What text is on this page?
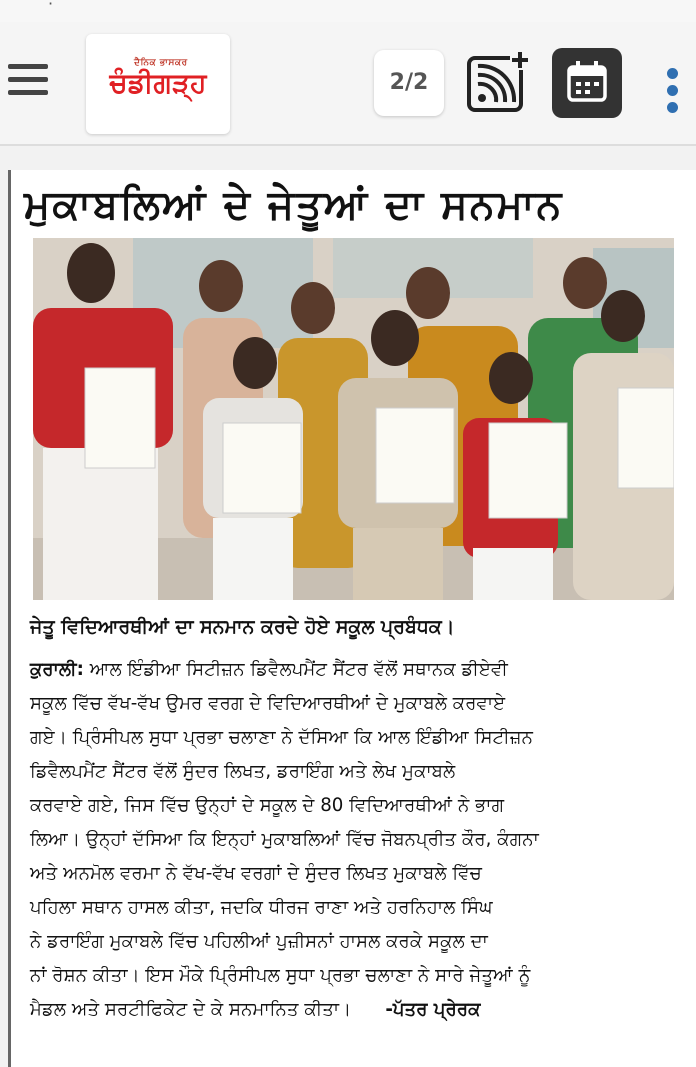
·
ਦੈਨਿਕ ਭਾਸਕਰ
ਚੰਡੀਗੜ੍ਹ	2/2
ਮੁਕਾਬਲਿਆਂ ਦੇ ਜੇਤੂਆਂ ਦਾ ਸਨਮਾਨ
ਜੇਤੂ ਵਿਦਿਆਰਥੀਆਂ ਦਾ ਸਨਮਾਨ ਕਰਦੇ ਹੋਏ ਸਕੂਲ ਪ੍ਰਬੰਧਕ।
ਕੁਰਾਲੀ: ਆਲ ਇੰਡੀਆ ਸਿਟੀਜ਼ਨ ਡਿਵੈਲਪਮੈਂਟ ਸੈਂਟਰ ਵੱਲੋਂ ਸਥਾਨਕ ਡੀਏਵੀ
ਸਕੂਲ ਵਿੱਚ ਵੱਖ-ਵੱਖ ਉਮਰ ਵਰਗ ਦੇ ਵਿਦਿਆਰਥੀਆਂ ਦੇ ਮੁਕਾਬਲੇ ਕਰਵਾਏ
ਗਏ। ਪ੍ਰਿੰਸੀਪਲ ਸੁਧਾ ਪ੍ਰਭਾ ਚਲਾਣਾ ਨੇ ਦੱਸਿਆ ਕਿ ਆਲ ਇੰਡੀਆ ਸਿਟੀਜ਼ਨ
ਡਿਵੈਲਪਮੈਂਟ ਸੈਂਟਰ ਵੱਲੋਂ ਸੁੰਦਰ ਲਿਖਤ, ਡਰਾਇੰਗ ਅਤੇ ਲੇਖ ਮੁਕਾਬਲੇ
ਕਰਵਾਏ ਗਏ, ਜਿਸ ਵਿੱਚ ਉਨ੍ਹਾਂ ਦੇ ਸਕੂਲ ਦੇ 80 ਵਿਦਿਆਰਥੀਆਂ ਨੇ ਭਾਗ
ਲਿਆ। ਉਨ੍ਹਾਂ ਦੱਸਿਆ ਕਿ ਇਨ੍ਹਾਂ ਮੁਕਾਬਲਿਆਂ ਵਿੱਚ ਜੋਬਨਪ੍ਰੀਤ ਕੌਰ, ਕੰਗਨਾ
ਅਤੇ ਅਨਮੋਲ ਵਰਮਾ ਨੇ ਵੱਖ-ਵੱਖ ਵਰਗਾਂ ਦੇ ਸੁੰਦਰ ਲਿਖਤ ਮੁਕਾਬਲੇ ਵਿੱਚ
ਪਹਿਲਾ ਸਥਾਨ ਹਾਸਲ ਕੀਤਾ, ਜਦਕਿ ਧੀਰਜ ਰਾਣਾ ਅਤੇ ਹਰਨਿਹਾਲ ਸਿੰਘ
ਨੇ ਡਰਾਇੰਗ ਮੁਕਾਬਲੇ ਵਿੱਚ ਪਹਿਲੀਆਂ ਪੁਜ਼ੀਸਨਾਂ ਹਾਸਲ ਕਰਕੇ ਸਕੂਲ ਦਾ
ਨਾਂ ਰੋਸ਼ਨ ਕੀਤਾ। ਇਸ ਮੌਕੇ ਪ੍ਰਿੰਸੀਪਲ ਸੁਧਾ ਪ੍ਰਭਾ ਚਲਾਣਾ ਨੇ ਸਾਰੇ ਜੇਤੂਆਂ ਨੂੰ
ਮੈਡਲ ਅਤੇ ਸਰਟੀਫਿਕੇਟ ਦੇ ਕੇ ਸਨਮਾਨਿਤ ਕੀਤਾ। -ਪੱਤਰ ਪ੍ਰੇਰਕ
